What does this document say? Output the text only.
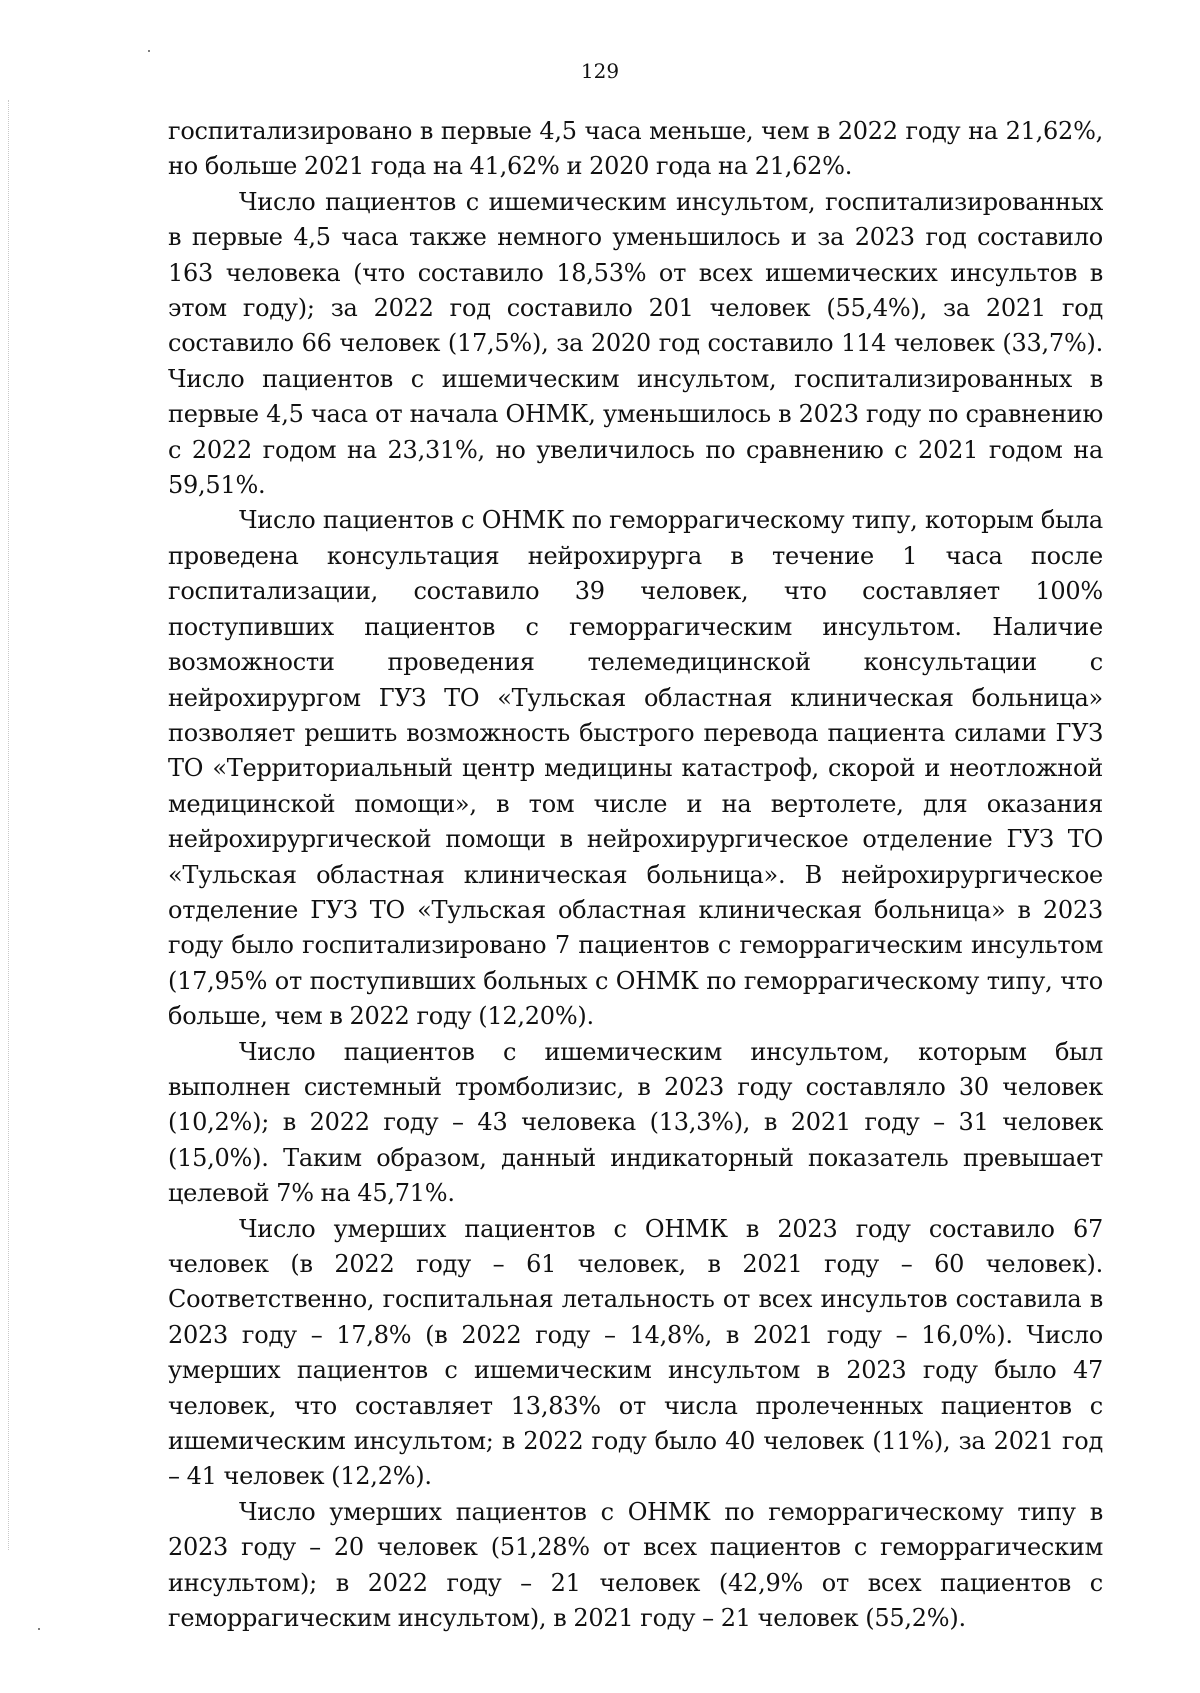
129

госпитализировано в первые 4,5 часа меньше, чем в 2022 году на 21,62%, но больше 2021 года на 41,62% и 2020 года на 21,62%.

Число пациентов с ишемическим инсультом, госпитализированных в первые 4,5 часа также немного уменьшилось и за 2023 год составило 163 человека (что составило 18,53% от всех ишемических инсультов в этом году); за 2022 год составило 201 человек (55,4%), за 2021 год составило 66 человек (17,5%), за 2020 год составило 114 человек (33,7%). Число пациентов с ишемическим инсультом, госпитализированных в первые 4,5 часа от начала ОНМК, уменьшилось в 2023 году по сравнению с 2022 годом на 23,31%, но увеличилось по сравнению с 2021 годом на 59,51%.

Число пациентов с ОНМК по геморрагическому типу, которым была проведена консультация нейрохирурга в течение 1 часа после госпитализации, составило 39 человек, что составляет 100% поступивших пациентов с геморрагическим инсультом. Наличие возможности проведения телемедицинской консультации с нейрохирургом ГУЗ ТО «Тульская областная клиническая больница» позволяет решить возможность быстрого перевода пациента силами ГУЗ ТО «Территориальный центр медицины катастроф, скорой и неотложной медицинской помощи», в том числе и на вертолете, для оказания нейрохирургической помощи в нейрохирургическое отделение ГУЗ ТО «Тульская областная клиническая больница». В нейрохирургическое отделение ГУЗ ТО «Тульская областная клиническая больница» в 2023 году было госпитализировано 7 пациентов с геморрагическим инсультом (17,95% от поступивших больных с ОНМК по геморрагическому типу, что больше, чем в 2022 году (12,20%).

Число пациентов с ишемическим инсультом, которым был выполнен системный тромболизис, в 2023 году составляло 30 человек (10,2%); в 2022 году – 43 человека (13,3%), в 2021 году – 31 человек (15,0%). Таким образом, данный индикаторный показатель превышает целевой 7% на 45,71%.

Число умерших пациентов с ОНМК в 2023 году составило 67 человек (в 2022 году – 61 человек, в 2021 году – 60 человек). Соответственно, госпитальная летальность от всех инсультов составила в 2023 году – 17,8% (в 2022 году – 14,8%, в 2021 году – 16,0%). Число умерших пациентов с ишемическим инсультом в 2023 году было 47 человек, что составляет 13,83% от числа пролеченных пациентов с ишемическим инсультом; в 2022 году было 40 человек (11%), за 2021 год – 41 человек (12,2%).

Число умерших пациентов с ОНМК по геморрагическому типу в 2023 году – 20 человек (51,28% от всех пациентов с геморрагическим инсультом); в 2022 году – 21 человек (42,9% от всех пациентов с геморрагическим инсультом), в 2021 году – 21 человек (55,2%).
